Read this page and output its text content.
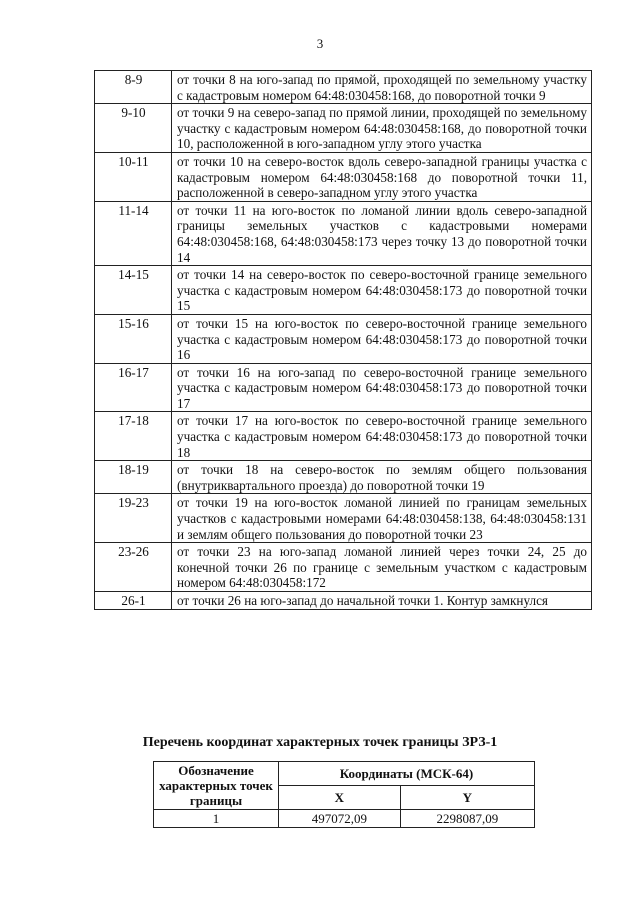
3
8-9	от точки 8 на юго-запад по прямой, проходящей по земельному участку с кадастровым номером 64:48:030458:168, до поворотной точки 9
9-10	от точки 9 на северо-запад по прямой линии, проходящей по земельному участку с кадастровым номером 64:48:030458:168, до поворотной точки 10, расположенной в юго-западном углу этого участка
10-11	от точки 10 на северо-восток вдоль северо-западной границы участка с кадастровым номером 64:48:030458:168 до поворотной точки 11, расположенной в северо-западном углу этого участка
11-14	от точки 11 на юго-восток по ломаной линии вдоль северо-западной границы земельных участков с кадастровыми номерами 64:48:030458:168, 64:48:030458:173 через точку 13 до поворотной точки 14
14-15	от точки 14 на северо-восток по северо-восточной границе земельного участка с кадастровым номером 64:48:030458:173 до поворотной точки 15
15-16	от точки 15 на юго-восток по северо-восточной границе земельного участка с кадастровым номером 64:48:030458:173 до поворотной точки 16
16-17	от точки 16 на юго-запад по северо-восточной границе земельного участка с кадастровым номером 64:48:030458:173 до поворотной точки 17
17-18	от точки 17 на юго-восток по северо-восточной границе земельного участка с кадастровым номером 64:48:030458:173 до поворотной точки 18
18-19	от точки 18 на северо-восток по землям общего пользования (внутриквартального проезда) до поворотной точки 19
19-23	от точки 19 на юго-восток ломаной линией по границам земельных участков с кадастровыми номерами 64:48:030458:138, 64:48:030458:131 и землям общего пользования до поворотной точки 23
23-26	от точки 23 на юго-запад ломаной линией через точки 24, 25 до конечной точки 26 по границе с земельным участком с кадастровым номером 64:48:030458:172
26-1	от точки 26 на юго-запад до начальной точки 1. Контур замкнулся
Перечень координат характерных точек границы ЗРЗ-1
Обозначение характерных точек границы	Координаты (МСК-64)	
	X	Y
1	497072,09	2298087,09
